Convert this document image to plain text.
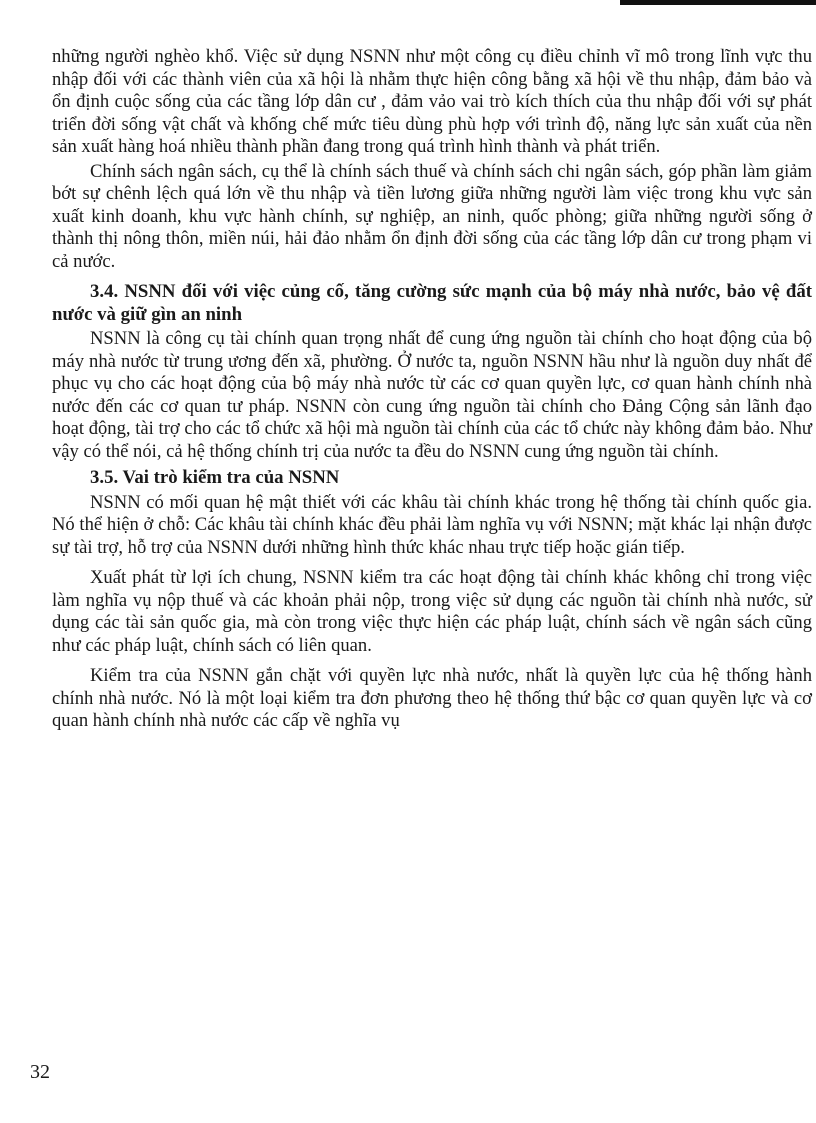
những người nghèo khổ. Việc sử dụng NSNN như một công cụ điều chỉnh vĩ mô trong lĩnh vực thu nhập đối với các thành viên của xã hội là nhằm thực hiện công bằng xã hội về thu nhập, đảm bảo và ổn định cuộc sống của các tầng lớp dân cư , đảm vảo vai trò kích thích của thu nhập đối với sự phát triển đời sống vật chất và khống chế mức tiêu dùng phù hợp với trình độ, năng lực sản xuất của nền sản xuất hàng hoá nhiều thành phần đang trong quá trình hình thành và phát triển.

Chính sách ngân sách, cụ thể là chính sách thuế và chính sách chi ngân sách, góp phần làm giảm bớt sự chênh lệch quá lớn về thu nhập và tiền lương giữa những người làm việc trong khu vực sản xuất kinh doanh, khu vực hành chính, sự nghiệp, an ninh, quốc phòng; giữa những người sống ở thành thị nông thôn, miền núi, hải đảo nhằm ổn định đời sống của các tầng lớp dân cư trong phạm vi cả nước.

3.4. NSNN đối với việc củng cố, tăng cường sức mạnh của bộ máy nhà nước, bảo vệ đất nước và giữ gìn an ninh

NSNN là công cụ tài chính quan trọng nhất để cung ứng nguồn tài chính cho hoạt động của bộ máy nhà nước từ trung ương đến xã, phường. Ở nước ta, nguồn NSNN hầu như là nguồn duy nhất để phục vụ cho các hoạt động của bộ máy nhà nước từ các cơ quan quyền lực, cơ quan hành chính nhà nước đến các cơ quan tư pháp. NSNN còn cung ứng nguồn tài chính cho Đảng Cộng sản lãnh đạo hoạt động, tài trợ cho các tổ chức xã hội mà nguồn tài chính của các tổ chức này không đảm bảo. Như vậy có thể nói, cả hệ thống chính trị của nước ta đều do NSNN cung ứng nguồn tài chính.

3.5. Vai trò kiểm tra của NSNN

NSNN có mối quan hệ mật thiết với các khâu tài chính khác trong hệ thống tài chính quốc gia. Nó thể hiện ở chỗ: Các khâu tài chính khác đều phải làm nghĩa vụ với NSNN; mặt khác lại nhận được sự tài trợ, hỗ trợ của NSNN dưới những hình thức khác nhau trực tiếp hoặc gián tiếp.

Xuất phát từ lợi ích chung, NSNN kiểm tra các hoạt động tài chính khác không chỉ trong việc làm nghĩa vụ nộp thuế và các khoản phải nộp, trong việc sử dụng các nguồn tài chính nhà nước, sử dụng các tài sản quốc gia, mà còn trong việc thực hiện các pháp luật, chính sách về ngân sách cũng như các pháp luật, chính sách có liên quan.

Kiểm tra của NSNN gắn chặt với quyền lực nhà nước, nhất là quyền lực của hệ thống hành chính nhà nước. Nó là một loại kiểm tra đơn phương theo hệ thống thứ bậc cơ quan quyền lực và cơ quan hành chính nhà nước các cấp về nghĩa vụ

32
